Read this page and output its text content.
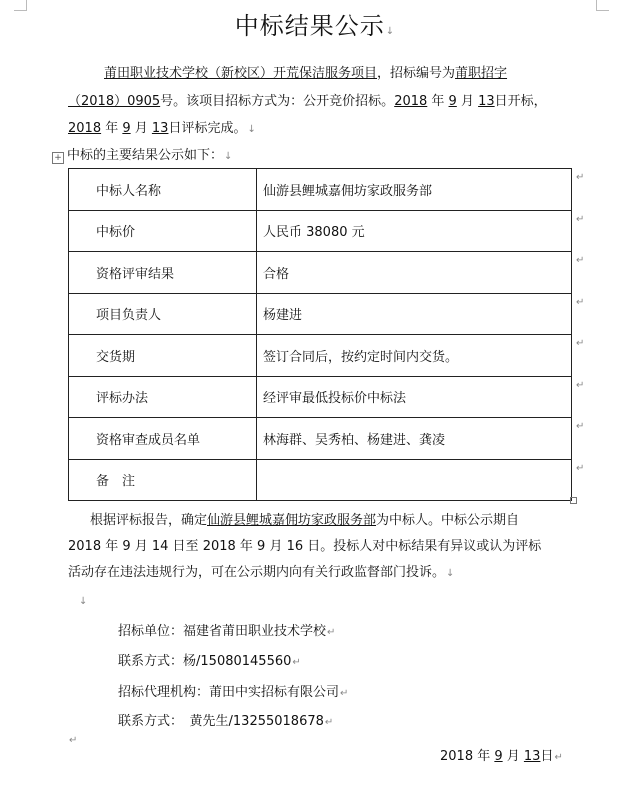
中标结果公示↓
莆田职业技术学校（新校区）开荒保洁服务项目，招标编号为莆职招字
（2018）0905号。该项目招标方式为：公开竞价招标。2018 年 9 月 13日开标，
2018 年 9 月 13日评标完成。↓
+ 中标的主要结果公示如下：↓
中标人名称	仙游县鲤城嘉佣坊家政服务部
中标价	人民币 38080 元
资格评审结果	合格
项目负责人	杨建进
交货期	签订合同后，按约定时间内交货。
评标办法	经评审最低投标价中标法
资格审查成员名单	林海群、吴秀柏、杨建进、龚凌
备　注	
根据评标报告，确定仙游县鲤城嘉佣坊家政服务部为中标人。中标公示期自
2018 年 9 月 14 日至 2018 年 9 月 16 日。投标人对中标结果有异议或认为评标
活动存在违法违规行为，可在公示期内向有关行政监督部门投诉。↓
↓
招标单位：福建省莆田职业技术学校↵
联系方式：杨/15080145560↵
招标代理机构：莆田中实招标有限公司↵
联系方式：　黄先生/13255018678↵
↵
2018 年 9 月 13日↵
↵
↵
↵
↵
↵
↵
↵
↵
